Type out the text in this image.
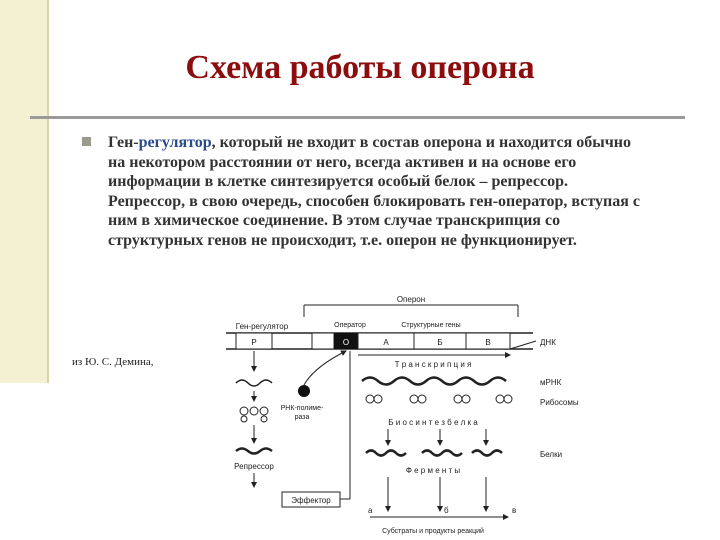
Схема работы оперона
Ген-регулятор, который не входит в состав оперона и находится обычно на некотором расстоянии от него, всегда активен и на основе его информации в клетке синтезируется особый белок – репрессор. Репрессор, в свою очередь, способен блокировать ген-оператор, вступая с ним в химическое соединение. В этом случае транскрипция со структурных генов не происходит, т.е. оперон не функционирует.
из Ю. С. Демина,
Оперон
Ген-регулятор	Оператор	Структурные гены
Р	О	А	Б	В	ДНК
Т р а н с к р и п ц и я
Репрессор
РНК-полиме-
раза
мРНК
Рибосомы
Б и о с и н т е з б е л к а
Белки
Ф е р м е н т ы
а	б	в
Субстраты и продукты реакций
Эффектор
